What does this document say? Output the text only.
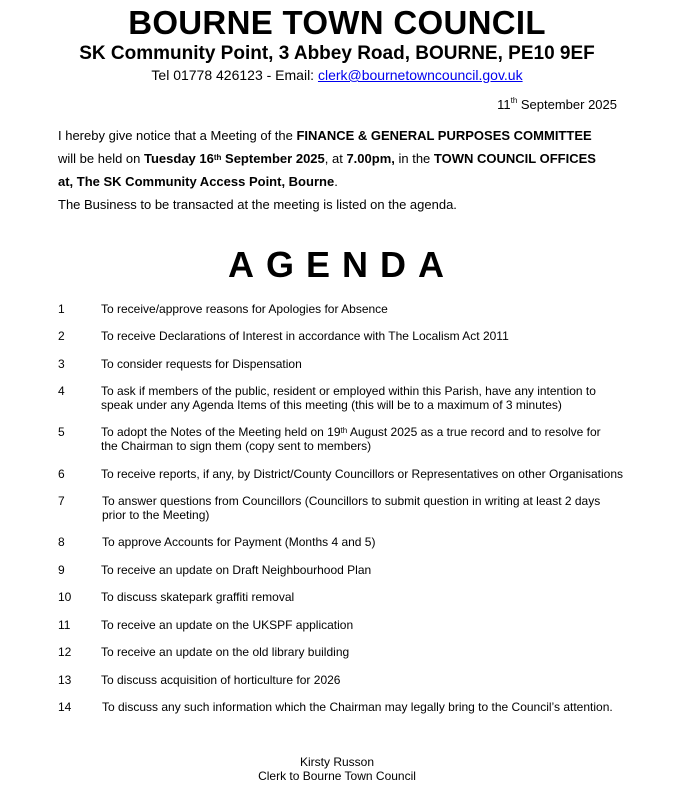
BOURNE TOWN COUNCIL
SK Community Point, 3 Abbey Road, BOURNE, PE10 9EF
Tel 01778 426123 - Email: clerk@bournetowncouncil.gov.uk
11th September 2025
I hereby give notice that a Meeting of the FINANCE & GENERAL PURPOSES COMMITTEE
will be held on Tuesday 16th September 2025, at 7.00pm, in the TOWN COUNCIL OFFICES
at, The SK Community Access Point, Bourne.
The Business to be transacted at the meeting is listed on the agenda.
AGENDA
1	To receive/approve reasons for Apologies for Absence
2	To receive Declarations of Interest in accordance with The Localism Act 2011
3	To consider requests for Dispensation
4	To ask if members of the public, resident or employed within this Parish, have any intention to
speak under any Agenda Items of this meeting (this will be to a maximum of 3 minutes)
5	To adopt the Notes of the Meeting held on 19th August 2025 as a true record and to resolve for
the Chairman to sign them (copy sent to members)
6	To receive reports, if any, by District/County Councillors or Representatives on other Organisations
7	To answer questions from Councillors (Councillors to submit question in writing at least 2 days
prior to the Meeting)
8	To approve Accounts for Payment (Months 4 and 5)
9	To receive an update on Draft Neighbourhood Plan
10 To discuss skatepark graffiti removal
11	To receive an update on the UKSPF application
12 To receive an update on the old library building
13 To discuss acquisition of horticulture for 2026
14	To discuss any such information which the Chairman may legally bring to the Council’s attention.
Kirsty Russon
Clerk to Bourne Town Council
